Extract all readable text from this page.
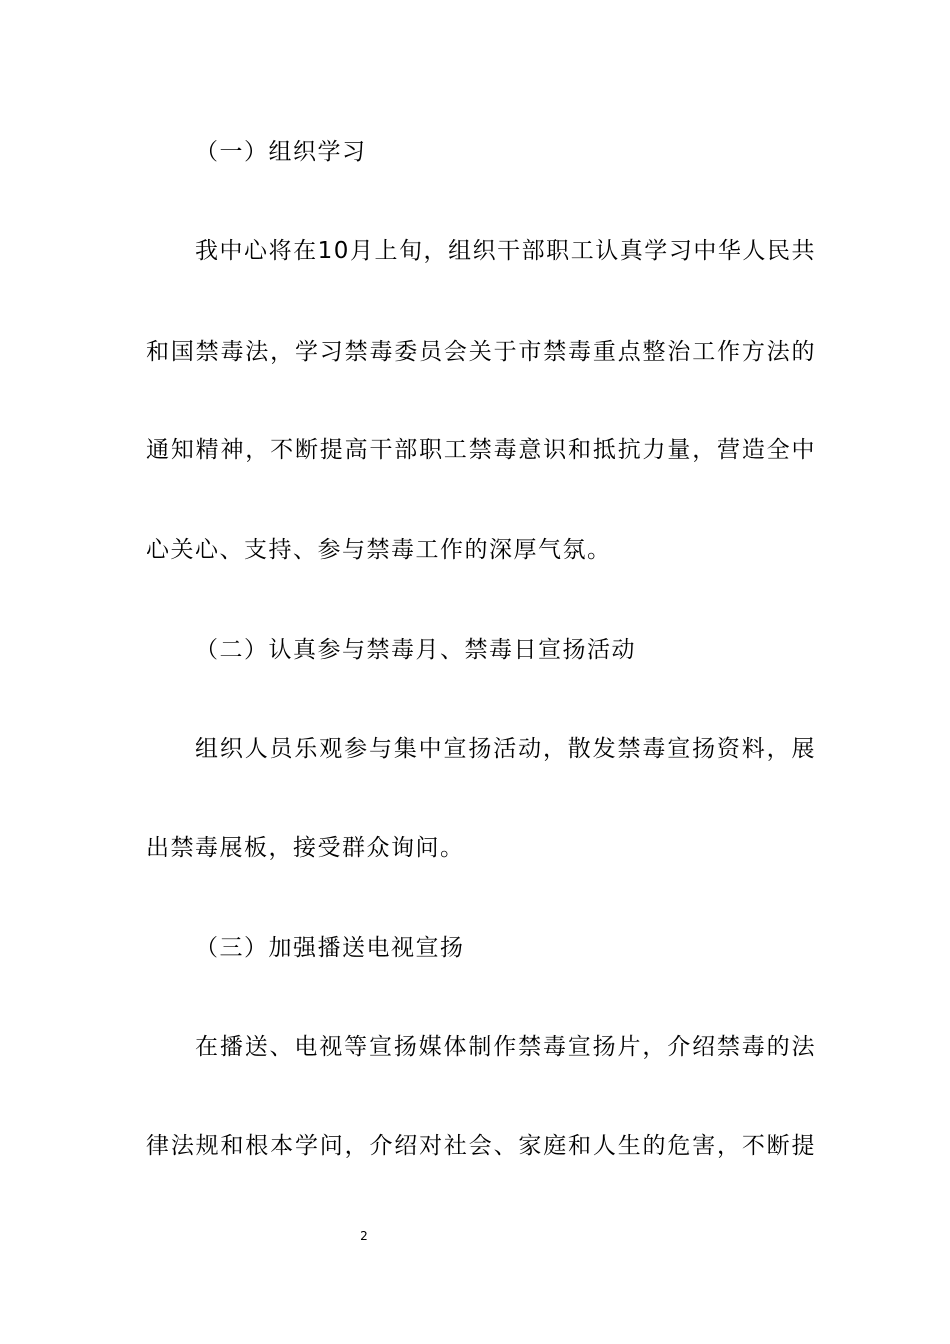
（一）组织学习
我中心将在10月上旬，组织干部职工认真学习中华人民共
和国禁毒法，学习禁毒委员会关于市禁毒重点整治工作方法的
通知精神，不断提高干部职工禁毒意识和抵抗力量，营造全中
心关心、支持、参与禁毒工作的深厚气氛。
（二）认真参与禁毒月、禁毒日宣扬活动
组织人员乐观参与集中宣扬活动，散发禁毒宣扬资料，展
出禁毒展板，接受群众询问。
（三）加强播送电视宣扬
在播送、电视等宣扬媒体制作禁毒宣扬片，介绍禁毒的法
律法规和根本学问，介绍对社会、家庭和人生的危害，不断提
2
